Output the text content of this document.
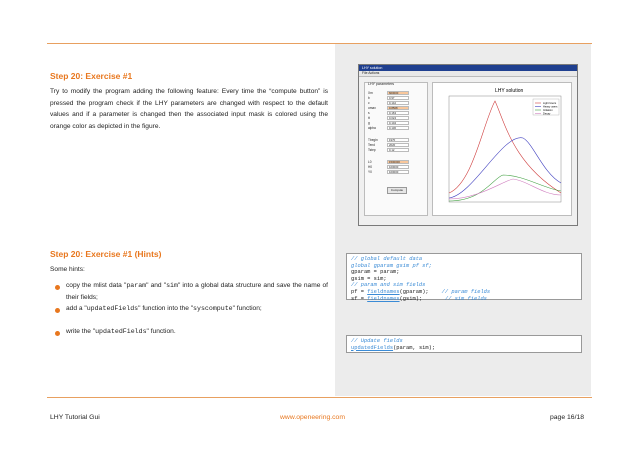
Step 20: Exercise #1
Try to modify the program adding the following feature: Every time the “compute button” is pressed the program check if the LHY parameters are changed with respect to the default values and if a parameter is changed then the associated input mask is colored using the orange color as depicted in the figure.
LHY solution
File Actions
LHY parameters
Xm	600000
b	0.97
c	0.142
omax	0.8508
s	0.163
tt	0.024
g	0.104
alpha	0.130
Tbegin	1970
Tend	2020
Tstep	0.12
L0	1500000
H0	100000
Y0	100000
Compute
LHY solution
Light Users
Heavy users
Initiation
Decay
Step 20: Exercise #1 (Hints)
Some hints:
copy the mlist data "param" and "sim" into a global data structure and save the name of their fields;
add a "updatedFields" function into the "syscompute" function;
write the "updatedFields" function.
// global default data
global gparam gsim pf sf;
gparam = param;
gsim = sim;
// param and sim fields
pf = fieldnames(gparam); // param fields
sf = fieldnames(gsim);	// sim fields
// Update fields
updatedFields(param, sim);
LHY Tutorial Gui	www.openeering.com	page 16/18
